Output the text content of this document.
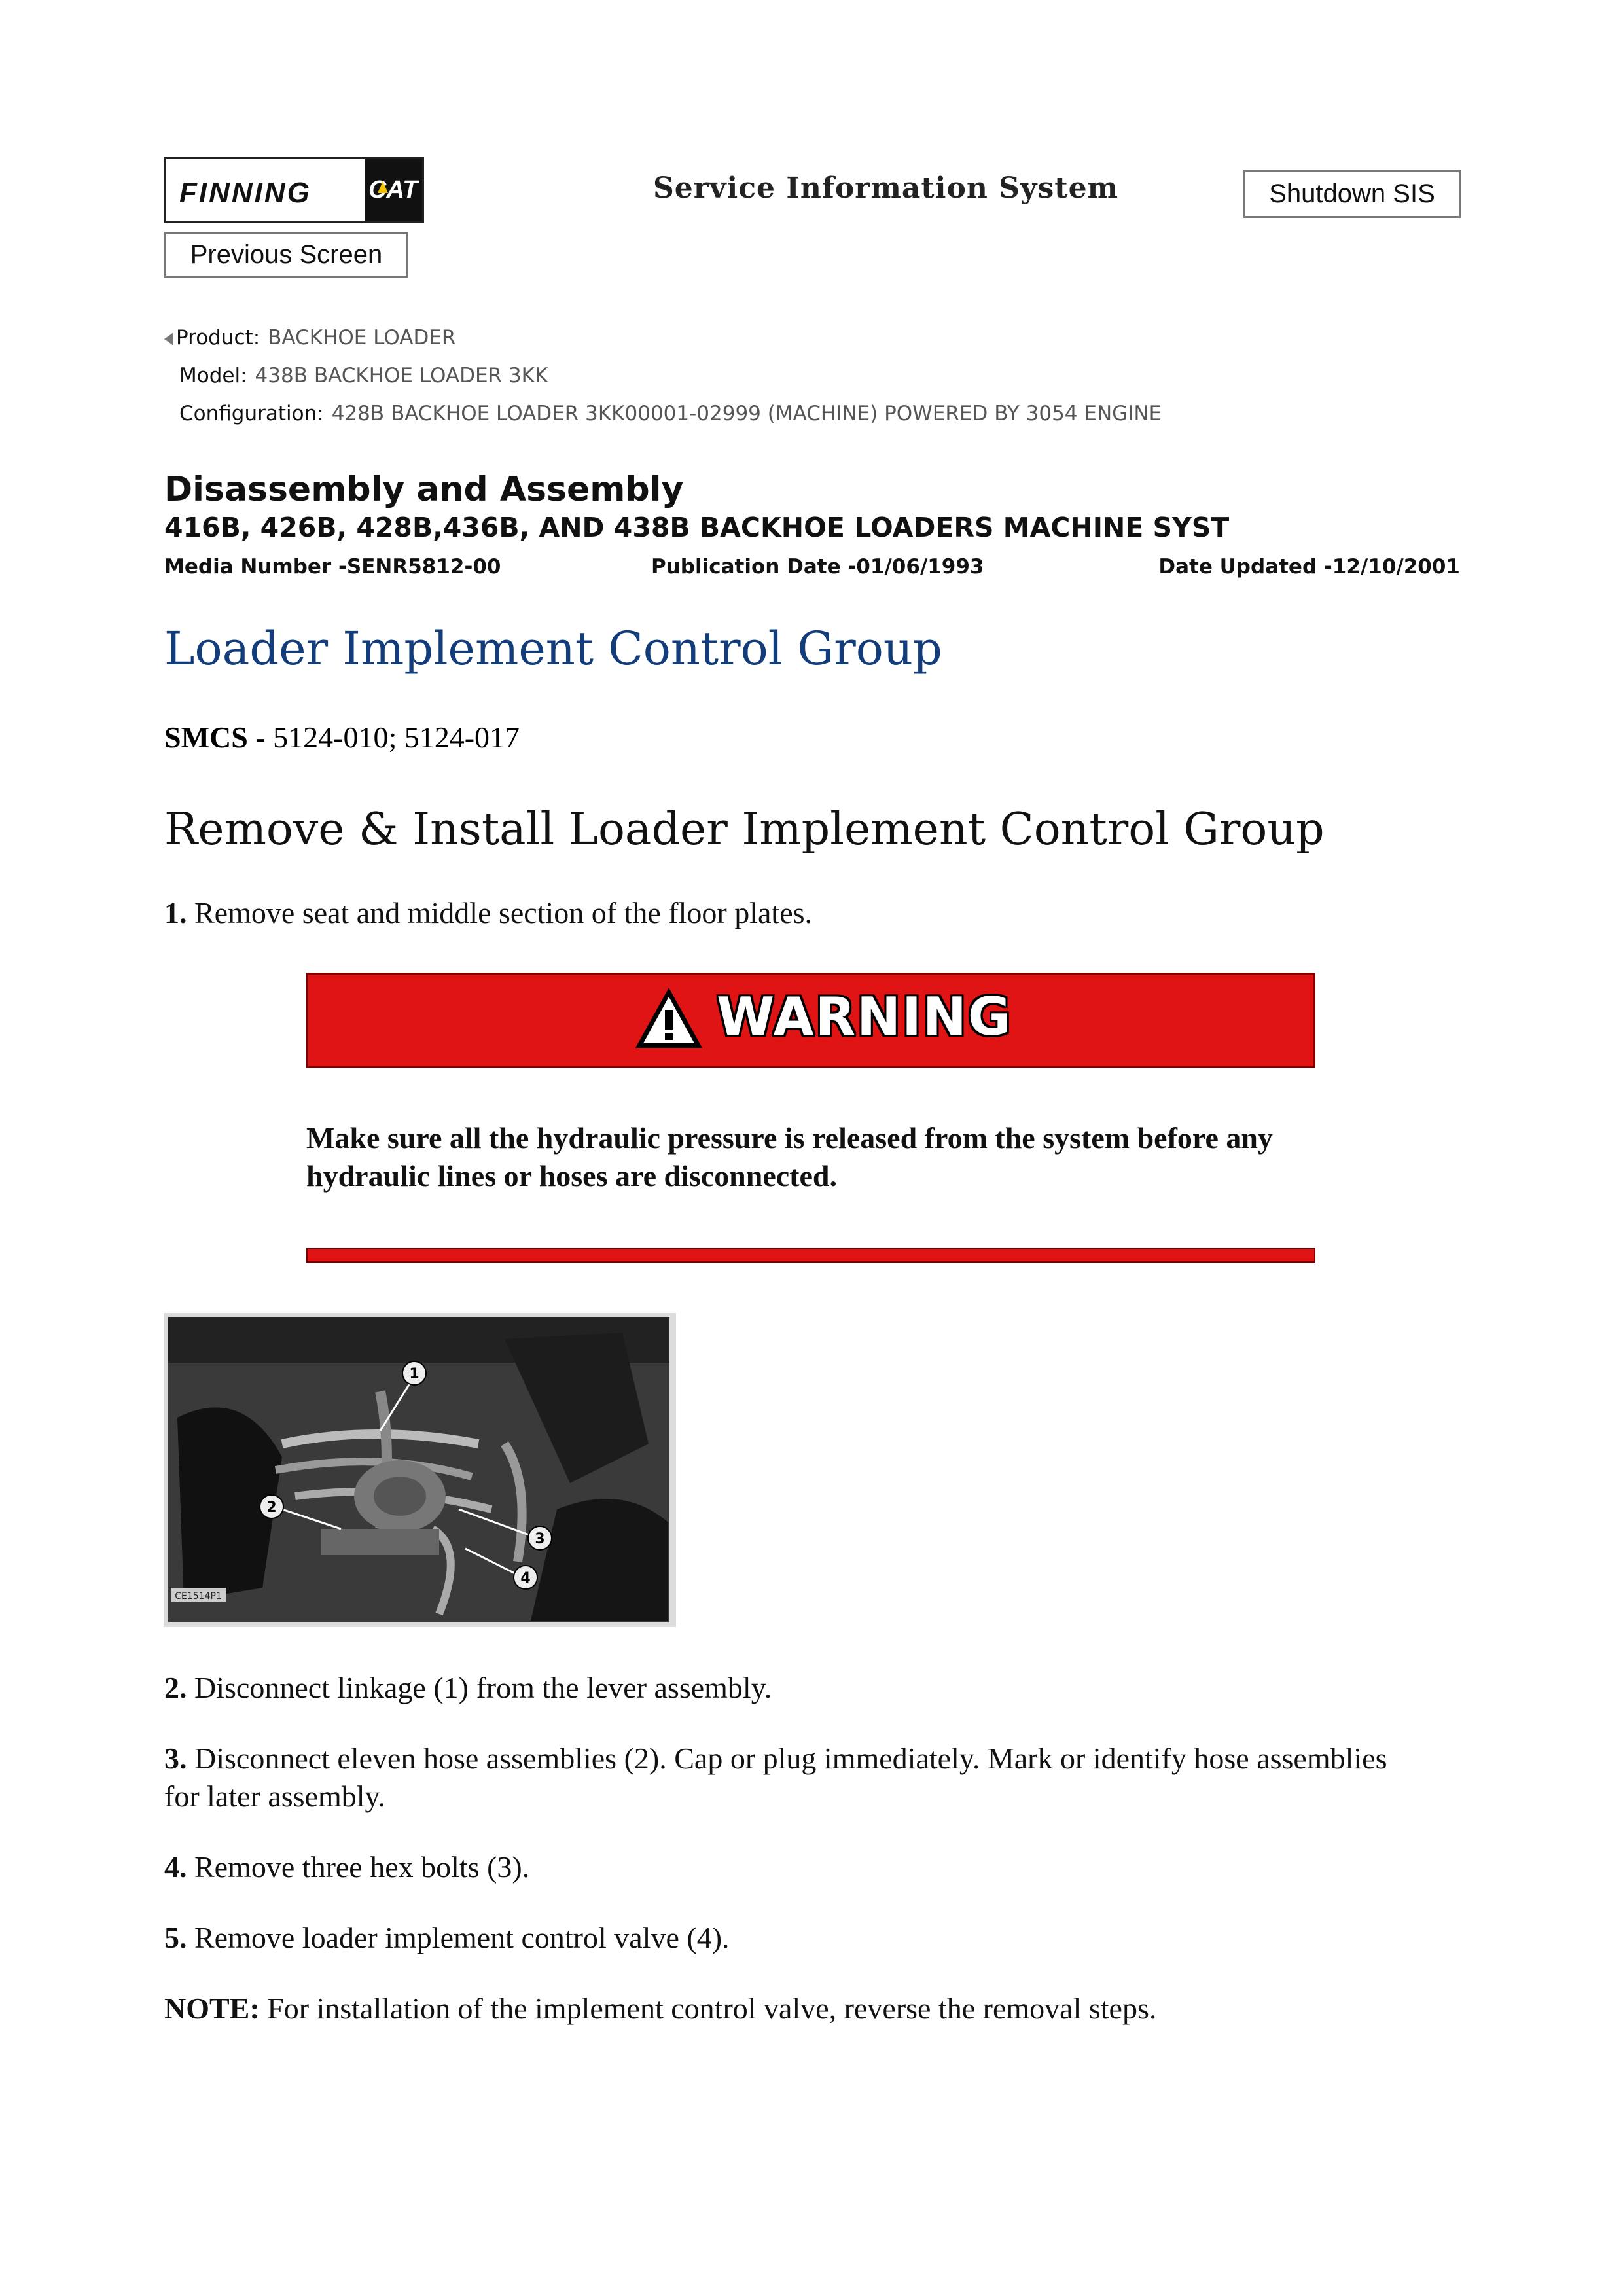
FINNING CAT	Service Information System	Shutdown SIS
Previous Screen
Product: BACKHOE LOADER
Model: 438B BACKHOE LOADER 3KK
Configuration: 428B BACKHOE LOADER 3KK00001-02999 (MACHINE) POWERED BY 3054 ENGINE
Disassembly and Assembly
416B, 426B, 428B,436B, AND 438B BACKHOE LOADERS MACHINE SYST
Media Number -SENR5812-00	Publication Date -01/06/1993	Date Updated -12/10/2001
Loader Implement Control Group
SMCS - 5124-010; 5124-017
Remove & Install Loader Implement Control Group
1. Remove seat and middle section of the floor plates.
WARNING
Make sure all the hydraulic pressure is released from the system before any hydraulic lines or hoses are disconnected.
1
2
3
4
CE1514P1
2. Disconnect linkage (1) from the lever assembly.
3. Disconnect eleven hose assemblies (2). Cap or plug immediately. Mark or identify hose assemblies for later assembly.
4. Remove three hex bolts (3).
5. Remove loader implement control valve (4).
NOTE: For installation of the implement control valve, reverse the removal steps.
